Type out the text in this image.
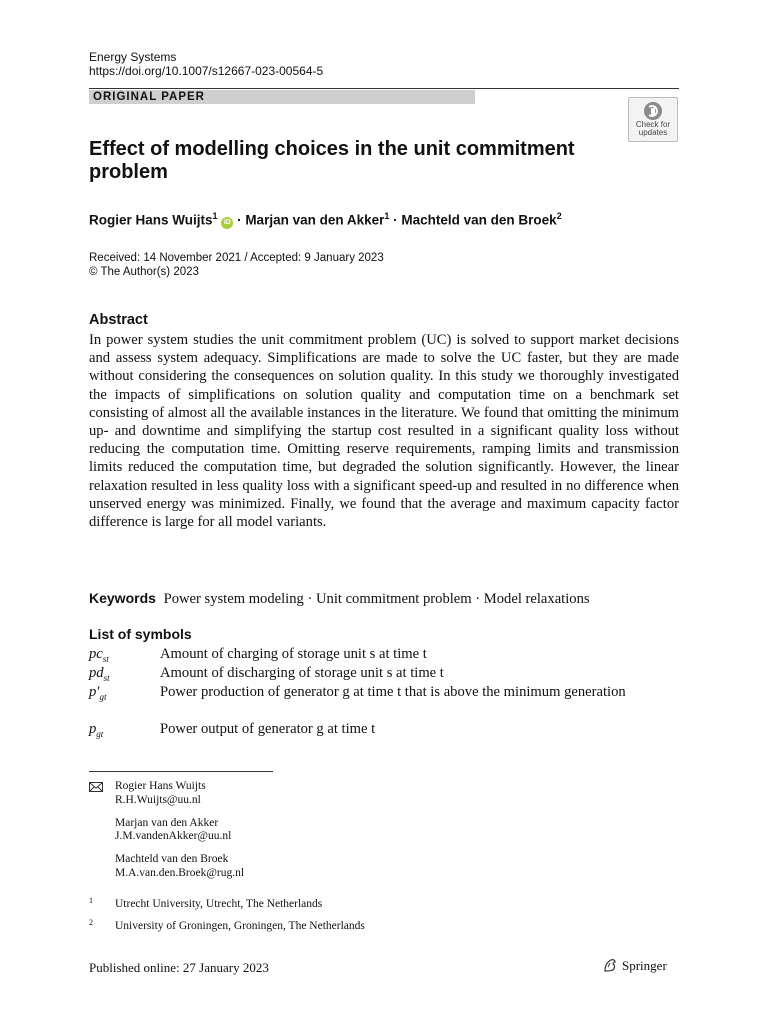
Energy Systems
https://doi.org/10.1007/s12667-023-00564-5
ORIGINAL PAPER
Check for
updates
Effect of modelling choices in the unit commitment problem
Rogier Hans Wuijts$^1$ iD · Marjan van den Akker$^1$ · Machteld van den Broek$^2$
Received: 14 November 2021 / Accepted: 9 January 2023
© The Author(s) 2023
Abstract
In power system studies the unit commitment problem (UC) is solved to support market decisions and assess system adequacy. Simplifications are made to solve the UC faster, but they are made without considering the consequences on solution quality. In this study we thoroughly investigated the impacts of simplifications on solution quality and computation time on a benchmark set consisting of almost all the available instances in the literature. We found that omitting the minimum up- and downtime and simplifying the startup cost resulted in a significant quality loss without reducing the computation time. Omitting reserve requirements, ramping limits and transmission limits reduced the computation time, but degraded the solution significantly. However, the linear relaxation resulted in less quality loss with a significant speed-up and resulted in no difference when unserved energy was minimized. Finally, we found that the average and maximum capacity factor difference is large for all model variants.
Keywords Power system modeling · Unit commitment problem · Model relaxations
List of symbols
$pc_{st}$	Amount of charging of storage unit s at time t
$pd_{st}$	Amount of discharging of storage unit s at time t
$p'_{gt}$	Power production of generator g at time t that is above the minimum generation
$p_{gt}$	Power output of generator g at time t
Rogier Hans Wuijts
R.H.Wuijts@uu.nl
Marjan van den Akker
J.M.vandenAkker@uu.nl
Machteld van den Broek
M.A.van.den.Broek@rug.nl
1 Utrecht University, Utrecht, The Netherlands
2 University of Groningen, Groningen, The Netherlands
Published online: 27 January 2023	Springer
